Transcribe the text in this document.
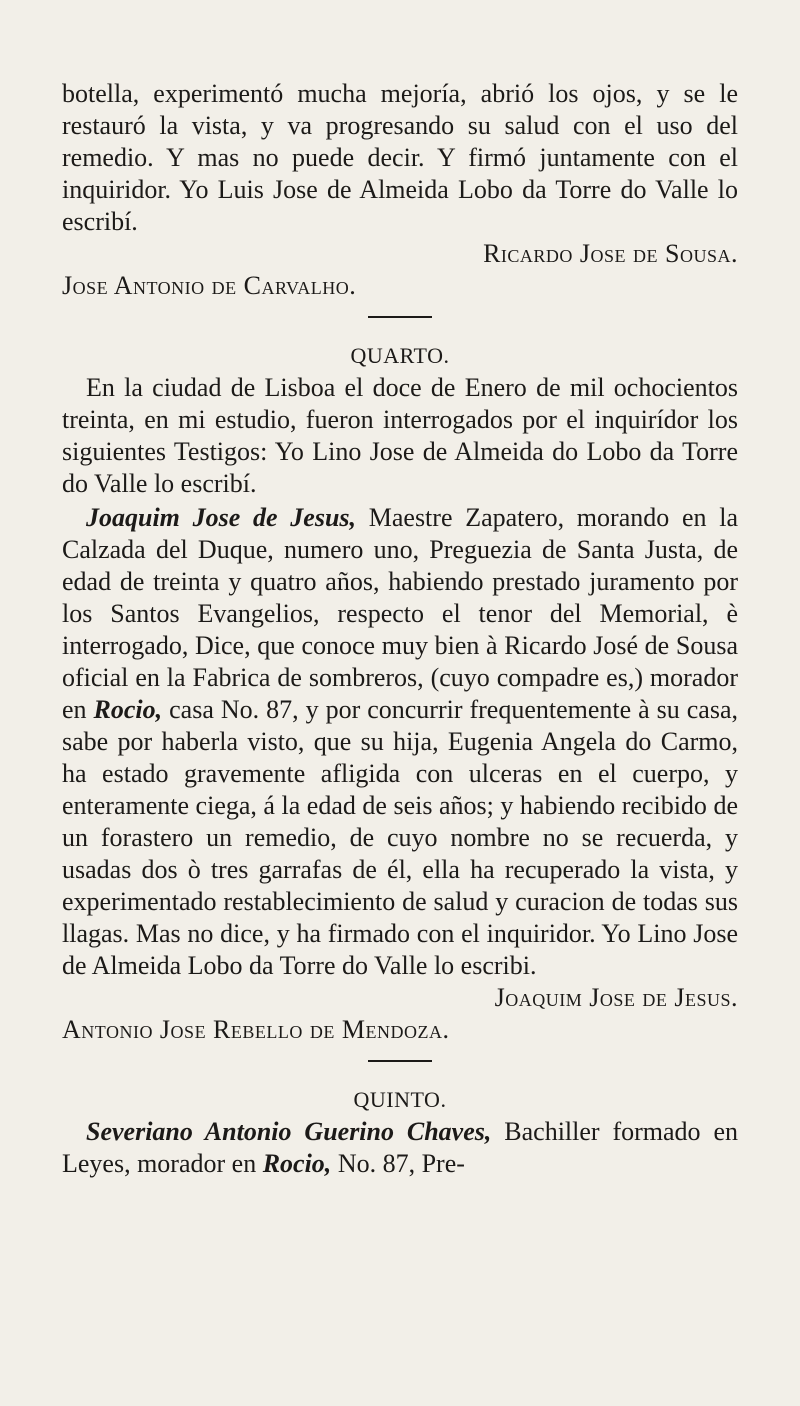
botella, experimentó mucha mejoría, abrió los ojos, y se le restauró la vista, y va progresando su salud con el uso del remedio. Y mas no puede decir. Y firmó juntamente con el inquiridor. Yo Luis Jose de Almeida Lobo da Torre do Valle lo escribí.

Ricardo Jose de Sousa.

Jose Antonio de Carvalho.

QUARTO.

En la ciudad de Lisboa el doce de Enero de mil ochocientos treinta, en mi estudio, fueron interrogados por el inquirídor los siguientes Testigos: Yo Lino Jose de Almeida do Lobo da Torre do Valle lo escribí.

Joaquim Jose de Jesus, Maestre Zapatero, morando en la Calzada del Duque, numero uno, Preguezia de Santa Justa, de edad de treinta y quatro años, habiendo prestado juramento por los Santos Evangelios, respecto el tenor del Memorial, è interrogado, Dice, que conoce muy bien à Ricardo José de Sousa oficial en la Fabrica de sombreros, (cuyo compadre es,) morador en Rocio, casa No. 87, y por concurrir frequentemente à su casa, sabe por haberla visto, que su hija, Eugenia Angela do Carmo, ha estado gravemente afligida con ulceras en el cuerpo, y enteramente ciega, á la edad de seis años; y habiendo recibido de un forastero un remedio, de cuyo nombre no se recuerda, y usadas dos ò tres garrafas de él, ella ha recuperado la vista, y experimentado restablecimiento de salud y curacion de todas sus llagas. Mas no dice, y ha firmado con el inquiridor. Yo Lino Jose de Almeida Lobo da Torre do Valle lo escribi.

Joaquim Jose de Jesus.

Antonio Jose Rebello de Mendoza.

QUINTO.

Severiano Antonio Guerino Chaves, Bachiller formado en Leyes, morador en Rocio, No. 87, Pre-
